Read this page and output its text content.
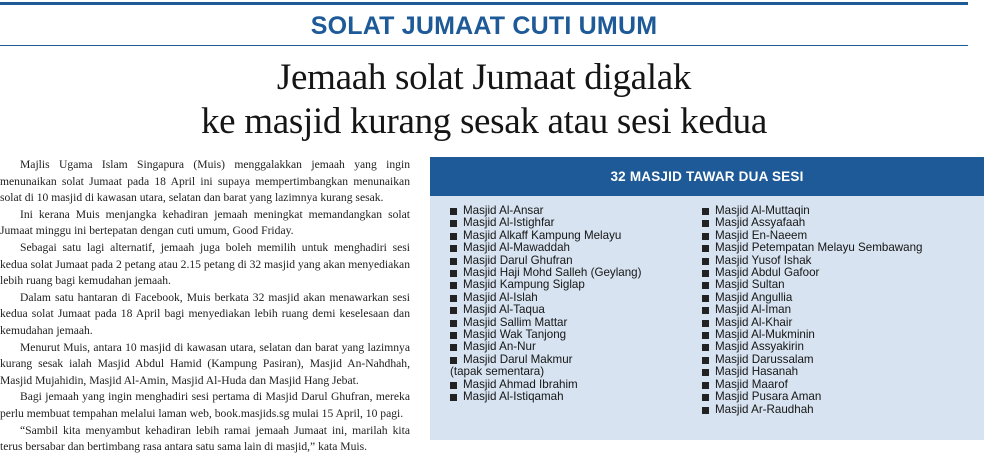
SOLAT JUMAAT CUTI UMUM
Jemaah solat Jumaat digalak
ke masjid kurang sesak atau sesi kedua

Majlis Ugama Islam Singapura (Muis) menggalakkan jemaah yang ingin menunaikan solat Jumaat pada 18 April ini supaya mempertimbangkan menunaikan solat di 10 masjid di kawasan utara, selatan dan barat yang lazimnya kurang sesak.

Ini kerana Muis menjangka kehadiran jemaah meningkat memandangkan solat Jumaat minggu ini bertepatan dengan cuti umum, Good Friday.

Sebagai satu lagi alternatif, jemaah juga boleh memilih untuk menghadiri sesi kedua solat Jumaat pada 2 petang atau 2.15 petang di 32 masjid yang akan menyediakan lebih ruang bagi kemudahan jemaah.

Dalam satu hantaran di Facebook, Muis berkata 32 masjid akan menawarkan sesi kedua solat Jumaat pada 18 April bagi menyediakan lebih ruang demi keselesaan dan kemudahan jemaah.

Menurut Muis, antara 10 masjid di kawasan utara, selatan dan barat yang lazimnya kurang sesak ialah Masjid Abdul Hamid (Kampung Pasiran), Masjid An-Nahdhah, Masjid Mujahidin, Masjid Al-Amin, Masjid Al-Huda dan Masjid Hang Jebat.

Bagi jemaah yang ingin menghadiri sesi pertama di Masjid Darul Ghufran, mereka perlu membuat tempahan melalui laman web, book.masjids.sg mulai 15 April, 10 pagi.

“Sambil kita menyambut kehadiran lebih ramai jemaah Jumaat ini, marilah kita terus bersabar dan bertimbang rasa antara satu sama lain di masjid,” kata Muis.

32 MASJID TAWAR DUA SESI
Masjid Al-Ansar
Masjid Al-Istighfar
Masjid Alkaff Kampung Melayu
Masjid Al-Mawaddah
Masjid Darul Ghufran
Masjid Haji Mohd Salleh (Geylang)
Masjid Kampung Siglap
Masjid Al-Islah
Masjid Al-Taqua
Masjid Sallim Mattar
Masjid Wak Tanjong
Masjid An-Nur
Masjid Darul Makmur
(tapak sementara)
Masjid Ahmad Ibrahim
Masjid Al-Istiqamah
Masjid Al-Muttaqin
Masjid Assyafaah
Masjid En-Naeem
Masjid Petempatan Melayu Sembawang
Masjid Yusof Ishak
Masjid Abdul Gafoor
Masjid Sultan
Masjid Angullia
Masjid Al-Iman
Masjid Al-Khair
Masjid Al-Mukminin
Masjid Assyakirin
Masjid Darussalam
Masjid Hasanah
Masjid Maarof
Masjid Pusara Aman
Masjid Ar-Raudhah
